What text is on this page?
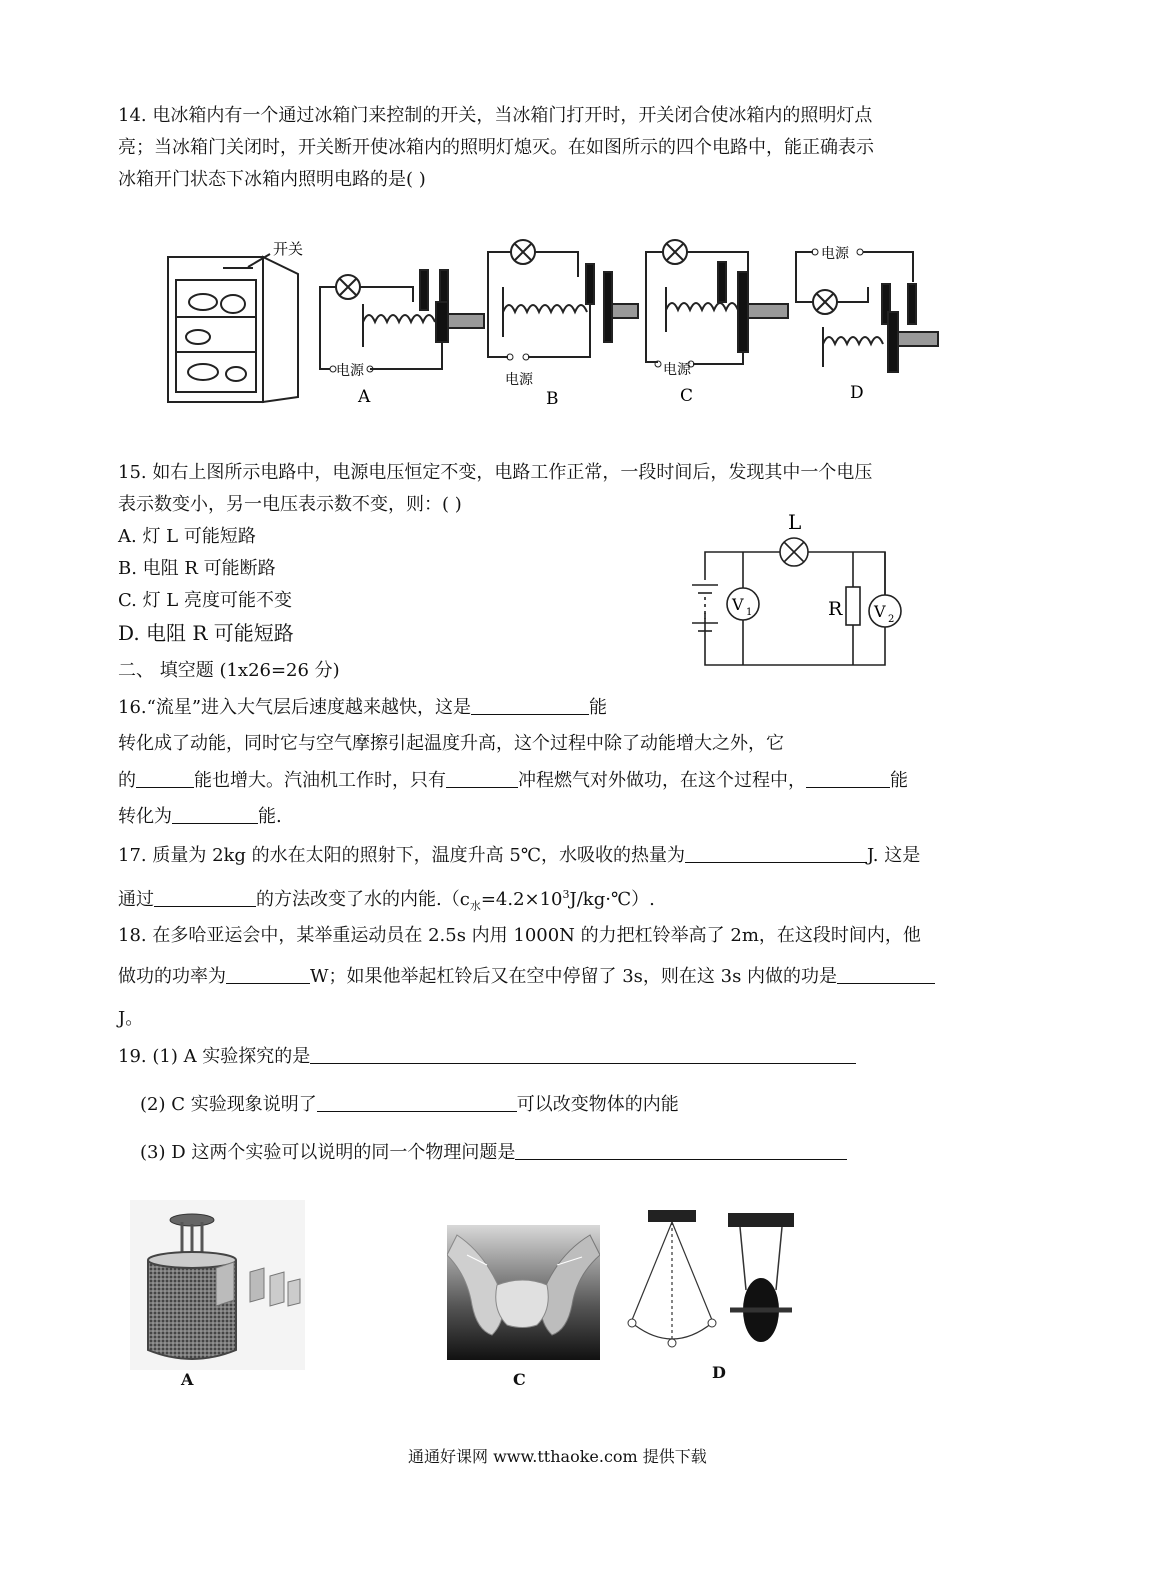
14. 电冰箱内有一个通过冰箱门来控制的开关，当冰箱门打开时，开关闭合使冰箱内的照明灯点
亮；当冰箱门关闭时，开关断开使冰箱内的照明灯熄灭。在如图所示的四个电路中，能正确表示
冰箱开门状态下冰箱内照明电路的是( )
开关
电源
A
电源
B
电源
C
电源
D
15. 如右上图所示电路中，电源电压恒定不变，电路工作正常，一段时间后，发现其中一个电压
表示数变小，另一电压表示数不变，则：( )
A. 灯 L 可能短路
B. 电阻 R 可能断路
C. 灯 L 亮度可能不变
D. 电阻 R 可能短路
L
R
V 1	V 2
二、 填空题 (1x26=26 分)
16.“流星”进入大气层后速度越来越快，这是	能
转化成了动能，同时它与空气摩擦引起温度升高，这个过程中除了动能增大之外，它
的	能也增大。汽油机工作时，只有	冲程燃气对外做功，在这个过程中，	能
转化为	能.
17. 质量为 2kg 的水在太阳的照射下，温度升高 5℃，水吸收的热量为	J. 这是
通过	的方法改变了水的内能$.(c_水=4.2\times 10^3J/kg\cdot℃)$.
18. 在多哈亚运会中，某举重运动员在 2.5s 内用 1000N 的力把杠铃举高了 2m，在这段时间内，他
做功的功率为	W；如果他举起杠铃后又在空中停留了 3s，则在这 3s 内做的功是
J。
19. (1) A 实验探究的是
(2) C 实验现象说明了	可以改变物体的内能
(3) D 这两个实验可以说明的同一个物理问题是
A	C	D
通通好课网 www.tthaoke.com 提供下载
